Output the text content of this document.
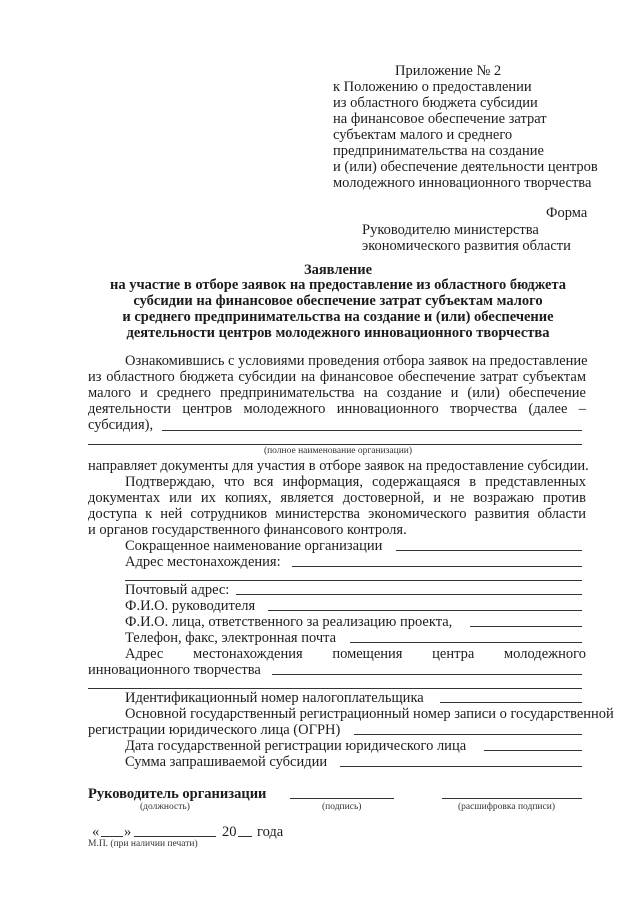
Приложение № 2
к Положению о предоставлении
из областного бюджета субсидии
на финансовое обеспечение затрат
субъектам малого и среднего
предпринимательства на создание
и (или) обеспечение деятельности центров
молодежного инновационного творчества
Форма
Руководителю министерства
экономического развития области
Заявление
на участие в отборе заявок на предоставление из областного бюджета
субсидии на финансовое обеспечение затрат субъектам малого
и среднего предпринимательства на создание и (или) обеспечение
деятельности центров молодежного инновационного творчества
Ознакомившись с условиями проведения отбора заявок на предоставление
из областного бюджета субсидии на финансовое обеспечение затрат субъектам
малого и среднего предпринимательства на создание и (или) обеспечение
деятельности центров молодежного инновационного творчества (далее –
субсидия),
(полное наименование организации)
направляет документы для участия в отборе заявок на предоставление субсидии.
Подтверждаю, что вся информация, содержащаяся в представленных
документах или их копиях, является достоверной, и не возражаю против
доступа к ней сотрудников министерства экономического развития области
и органов государственного финансового контроля.
Сокращенное наименование организации
Адрес местонахождения:
Почтовый адрес:
Ф.И.О. руководителя
Ф.И.О. лица, ответственного за реализацию проекта,
Телефон, факс, электронная почта
Адрес местонахождения помещения центра молодежного
инновационного творчества
Идентификационный номер налогоплательщика
Основной государственный регистрационный номер записи о государственной
регистрации юридического лица (ОГРН)
Дата государственной регистрации юридического лица
Сумма запрашиваемой субсидии
Руководитель организации
(должность)	(подпись)	(расшифровка подписи)
« »	20 года
М.П. (при наличии печати)
